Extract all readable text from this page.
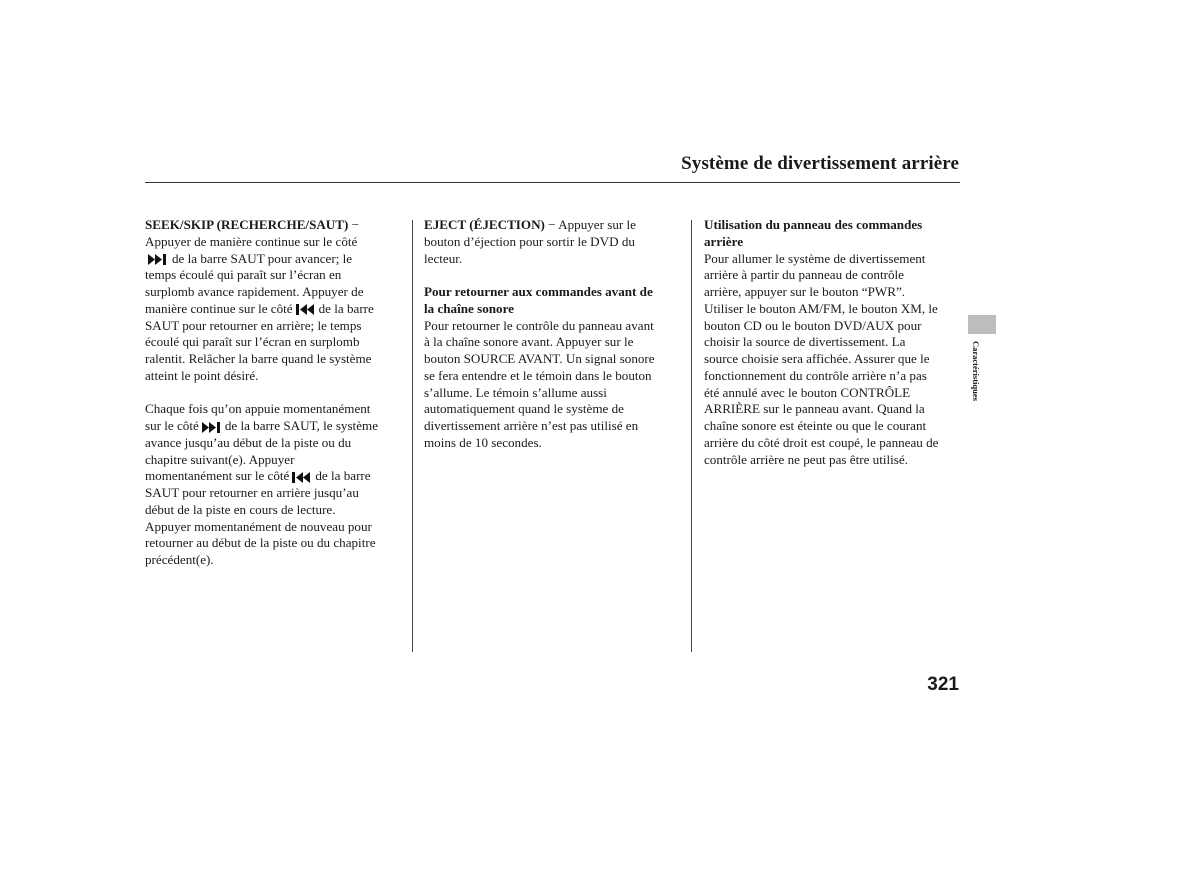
Système de divertissement arrière
SEEK/SKIP (RECHERCHE/SAUT) −
Appuyer de manière continue sur le côté
de la barre SAUT pour avancer; le
temps écoulé qui paraît sur l’écran en
surplomb avance rapidement. Appuyer de
manière continue sur le côté de la barre
SAUT pour retourner en arrière; le temps
écoulé qui paraît sur l’écran en surplomb
ralentit. Relâcher la barre quand le système
atteint le point désiré.
Chaque fois qu’on appuie momentanément
sur le côté de la barre SAUT, le système
avance jusqu’au début de la piste ou du
chapitre suivant(e). Appuyer
momentanément sur le côté de la barre
SAUT pour retourner en arrière jusqu’au
début de la piste en cours de lecture.
Appuyer momentanément de nouveau pour
retourner au début de la piste ou du chapitre
précédent(e).
EJECT (ÉJECTION) − Appuyer sur le
bouton d’éjection pour sortir le DVD du
lecteur.
Pour retourner aux commandes avant de
la chaîne sonore
Pour retourner le contrôle du panneau avant
à la chaîne sonore avant. Appuyer sur le
bouton SOURCE AVANT. Un signal sonore
se fera entendre et le témoin dans le bouton
s’allume. Le témoin s’allume aussi
automatiquement quand le système de
divertissement arrière n’est pas utilisé en
moins de 10 secondes.
Utilisation du panneau des commandes
arrière
Pour allumer le système de divertissement
arrière à partir du panneau de contrôle
arrière, appuyer sur le bouton “PWR”.
Utiliser le bouton AM/FM, le bouton XM, le
bouton CD ou le bouton DVD/AUX pour
choisir la source de divertissement. La
source choisie sera affichée. Assurer que le
fonctionnement du contrôle arrière n’a pas
été annulé avec le bouton CONTRÔLE
ARRIÈRE sur le panneau avant. Quand la
chaîne sonore est éteinte ou que le courant
arrière du côté droit est coupé, le panneau de
contrôle arrière ne peut pas être utilisé.
Caractéristiques
321
